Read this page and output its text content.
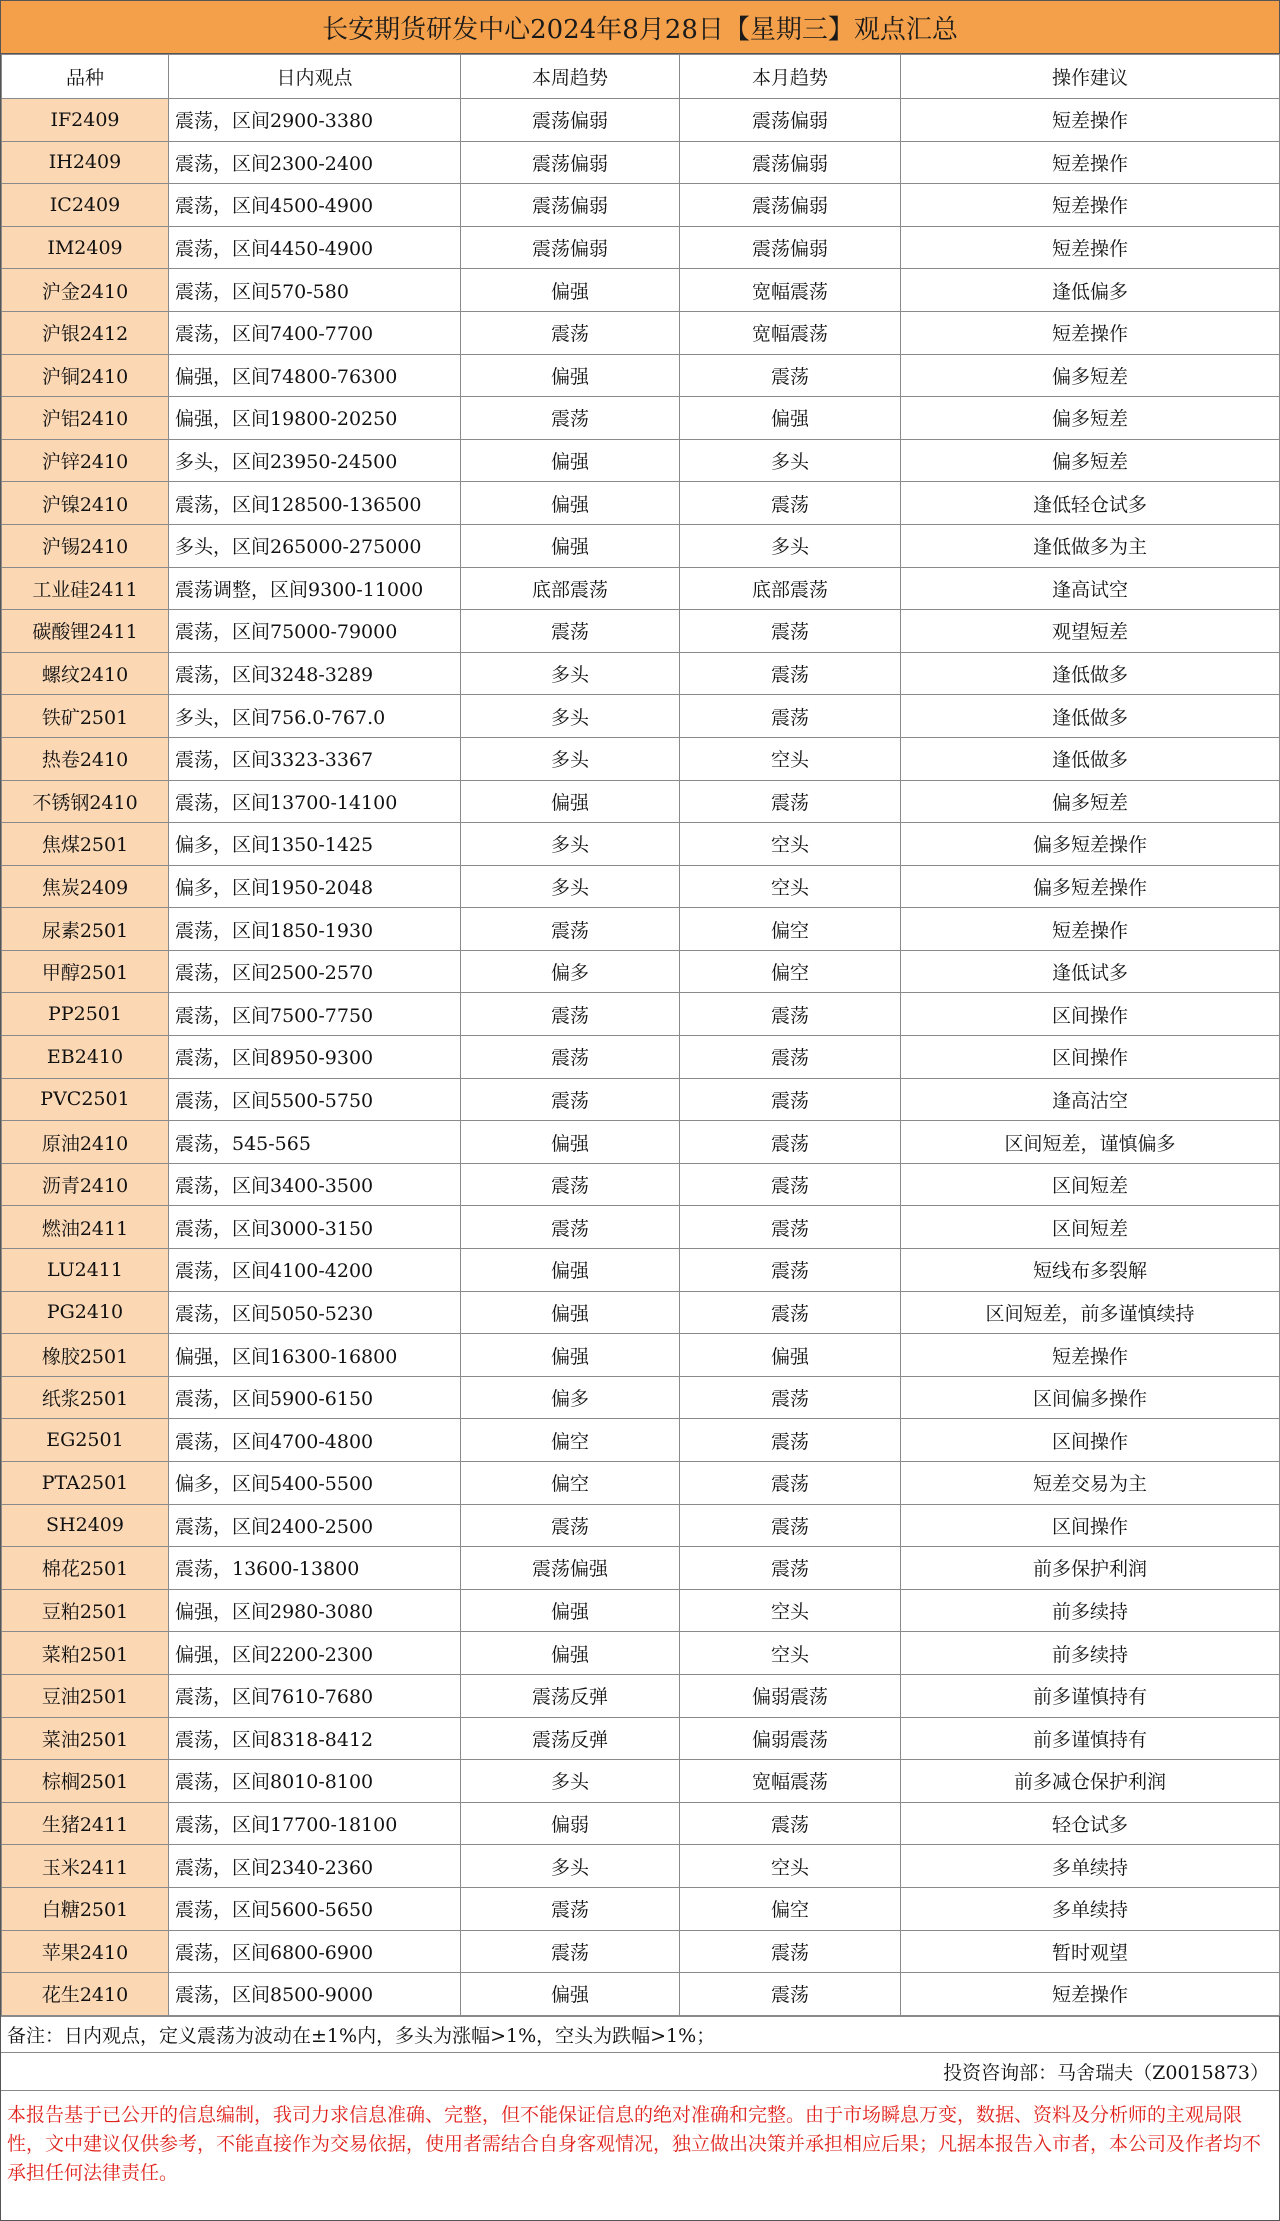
长安期货研发中心2024年8月28日【星期三】观点汇总
品种	日内观点	本周趋势	本月趋势	操作建议
IF2409	震荡，区间2900-3380	震荡偏弱	震荡偏弱	短差操作
IH2409	震荡，区间2300-2400	震荡偏弱	震荡偏弱	短差操作
IC2409	震荡，区间4500-4900	震荡偏弱	震荡偏弱	短差操作
IM2409	震荡，区间4450-4900	震荡偏弱	震荡偏弱	短差操作
沪金2410	震荡，区间570-580	偏强	宽幅震荡	逢低偏多
沪银2412	震荡，区间7400-7700	震荡	宽幅震荡	短差操作
沪铜2410	偏强，区间74800-76300	偏强	震荡	偏多短差
沪铝2410	偏强，区间19800-20250	震荡	偏强	偏多短差
沪锌2410	多头，区间23950-24500	偏强	多头	偏多短差
沪镍2410	震荡，区间128500-136500	偏强	震荡	逢低轻仓试多
沪锡2410	多头，区间265000-275000	偏强	多头	逢低做多为主
工业硅2411	震荡调整，区间9300-11000	底部震荡	底部震荡	逢高试空
碳酸锂2411	震荡，区间75000-79000	震荡	震荡	观望短差
螺纹2410	震荡，区间3248-3289	多头	震荡	逢低做多
铁矿2501	多头，区间756.0-767.0	多头	震荡	逢低做多
热卷2410	震荡，区间3323-3367	多头	空头	逢低做多
不锈钢2410	震荡，区间13700-14100	偏强	震荡	偏多短差
焦煤2501	偏多，区间1350-1425	多头	空头	偏多短差操作
焦炭2409	偏多，区间1950-2048	多头	空头	偏多短差操作
尿素2501	震荡，区间1850-1930	震荡	偏空	短差操作
甲醇2501	震荡，区间2500-2570	偏多	偏空	逢低试多
PP2501	震荡，区间7500-7750	震荡	震荡	区间操作
EB2410	震荡，区间8950-9300	震荡	震荡	区间操作
PVC2501	震荡，区间5500-5750	震荡	震荡	逢高沽空
原油2410	震荡，545-565	偏强	震荡	区间短差，谨慎偏多
沥青2410	震荡，区间3400-3500	震荡	震荡	区间短差
燃油2411	震荡，区间3000-3150	震荡	震荡	区间短差
LU2411	震荡，区间4100-4200	偏强	震荡	短线布多裂解
PG2410	震荡，区间5050-5230	偏强	震荡	区间短差，前多谨慎续持
橡胶2501	偏强，区间16300-16800	偏强	偏强	短差操作
纸浆2501	震荡，区间5900-6150	偏多	震荡	区间偏多操作
EG2501	震荡，区间4700-4800	偏空	震荡	区间操作
PTA2501	偏多，区间5400-5500	偏空	震荡	短差交易为主
SH2409	震荡，区间2400-2500	震荡	震荡	区间操作
棉花2501	震荡，13600-13800	震荡偏强	震荡	前多保护利润
豆粕2501	偏强，区间2980-3080	偏强	空头	前多续持
菜粕2501	偏强，区间2200-2300	偏强	空头	前多续持
豆油2501	震荡，区间7610-7680	震荡反弹	偏弱震荡	前多谨慎持有
菜油2501	震荡，区间8318-8412	震荡反弹	偏弱震荡	前多谨慎持有
棕榈2501	震荡，区间8010-8100	多头	宽幅震荡	前多减仓保护利润
生猪2411	震荡，区间17700-18100	偏弱	震荡	轻仓试多
玉米2411	震荡，区间2340-2360	多头	空头	多单续持
白糖2501	震荡，区间5600-5650	震荡	偏空	多单续持
苹果2410	震荡，区间6800-6900	震荡	震荡	暂时观望
花生2410	震荡，区间8500-9000	偏强	震荡	短差操作
备注：日内观点，定义震荡为波动在±1%内，多头为涨幅>1%，空头为跌幅>1%；
投资咨询部：马舍瑞夫（Z0015873）
本报告基于已公开的信息编制，我司力求信息准确、完整，但不能保证信息的绝对准确和完整。由于市场瞬息万变，数据、资料及分析师的主观局限性，文中建议仅供参考，不能直接作为交易依据，使用者需结合自身客观情况，独立做出决策并承担相应后果；凡据本报告入市者，本公司及作者均不承担任何法律责任。
